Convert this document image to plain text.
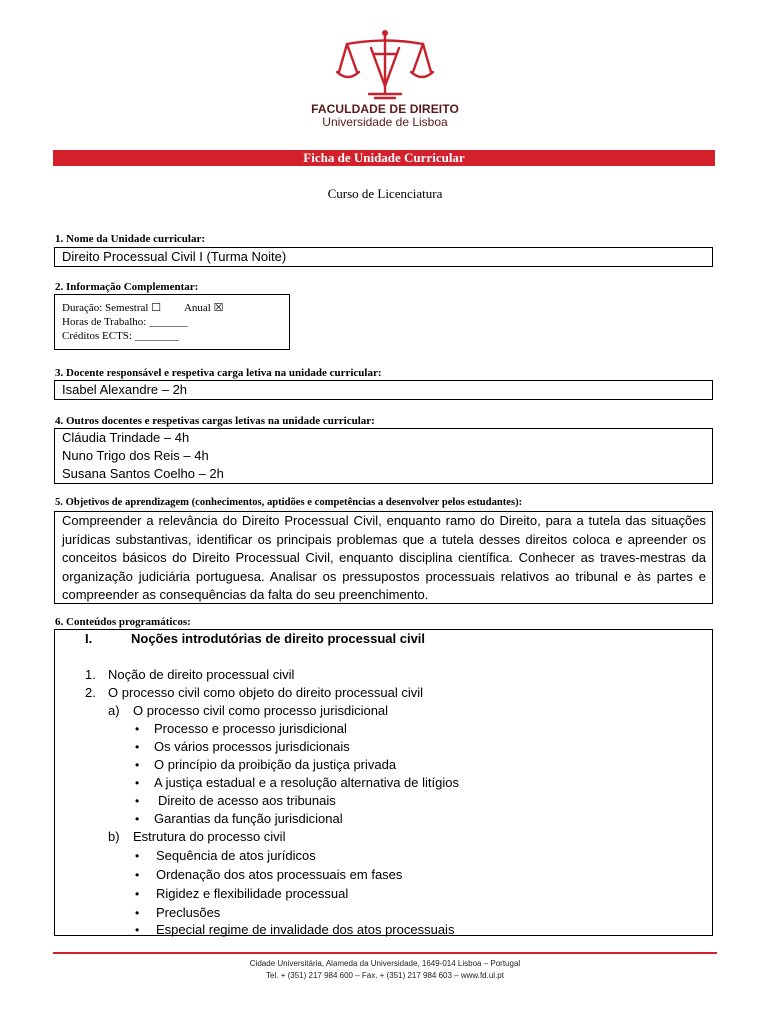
FACULDADE DE DIREITO
Universidade de Lisboa
Ficha de Unidade Curricular
Curso de Licenciatura
1. Nome da Unidade curricular:
Direito Processual Civil I (Turma Noite)
2. Informação Complementar:
Duração: Semestral ☐ Anual ☒
Horas de Trabalho: _______
Créditos ECTS: ________
3. Docente responsável e respetiva carga letiva na unidade curricular:
Isabel Alexandre – 2h
4. Outros docentes e respetivas cargas letivas na unidade curricular:
Cláudia Trindade – 4h
Nuno Trigo dos Reis – 4h
Susana Santos Coelho – 2h
5. Objetivos de aprendizagem (conhecimentos, aptidões e competências a desenvolver pelos estudantes):
Compreender a relevância do Direito Processual Civil, enquanto ramo do Direito, para a tutela das situações jurídicas substantivas, identificar os principais problemas que a tutela desses direitos coloca e apreender os conceitos básicos do Direito Processual Civil, enquanto disciplina científica. Conhecer as traves-mestras da organização judiciária portuguesa. Analisar os pressupostos processuais relativos ao tribunal e às partes e compreender as consequências da falta do seu preenchimento.
6. Conteúdos programáticos:
I.	Noções introdutórias de direito processual civil
1. Noção de direito processual civil
2. O processo civil como objeto do direito processual civil
a) O processo civil como processo jurisdicional
• Processo e processo jurisdicional
• Os vários processos jurisdicionais
• O princípio da proibição da justiça privada
• A justiça estadual e a resolução alternativa de litígios
• Direito de acesso aos tribunais
• Garantias da função jurisdicional
b) Estrutura do processo civil
• Sequência de atos jurídicos
• Ordenação dos atos processuais em fases
• Rigidez e flexibilidade processual
• Preclusões
• Especial regime de invalidade dos atos processuais
Cidade Universitária, Alameda da Universidade, 1649-014 Lisboa – Portugal
Tel. + (351) 217 984 600 – Fax. + (351) 217 984 603 – www.fd.ul.pt
